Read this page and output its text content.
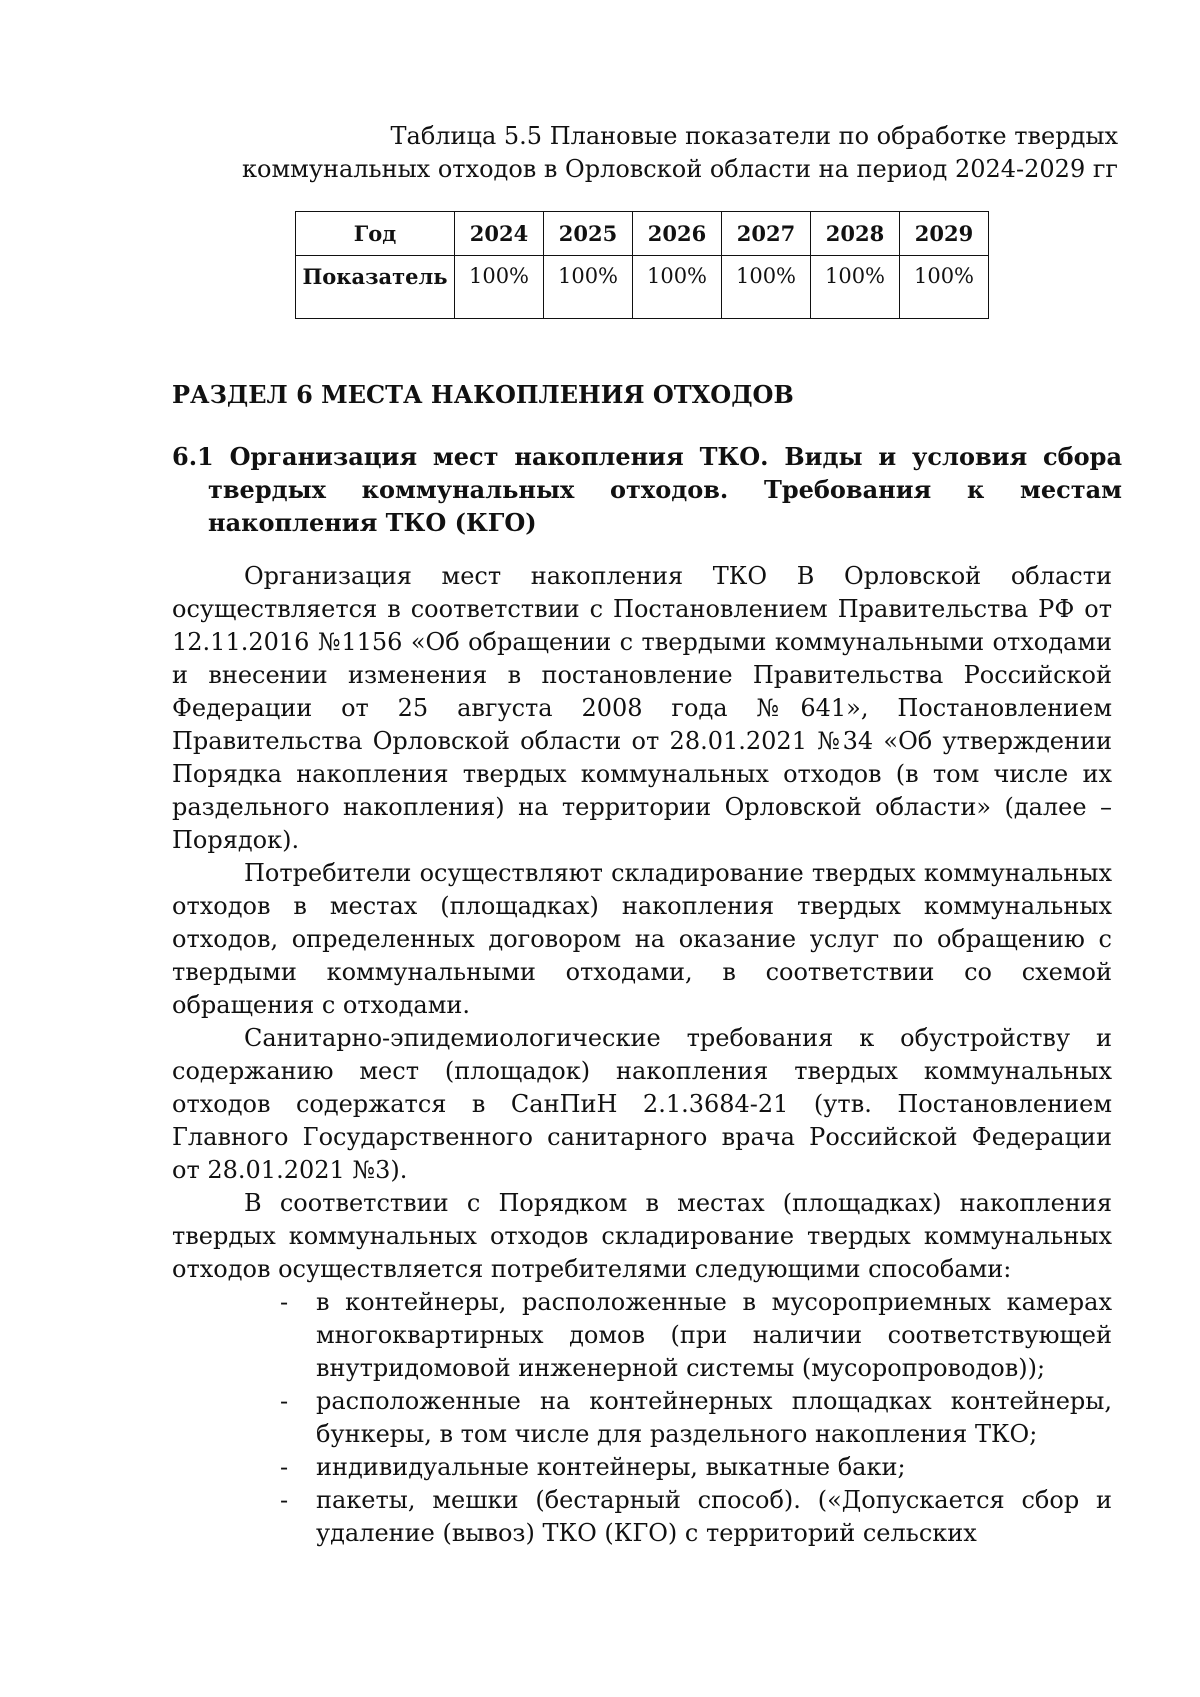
Таблица 5.5 Плановые показатели по обработке твердых
коммунальных отходов в Орловской области на период 2024-2029 гг
Год	2024	2025	2026	2027	2028	2029
Показатель	100%	100%	100%	100%	100%	100%
РАЗДЕЛ 6 МЕСТА НАКОПЛЕНИЯ ОТХОДОВ
6.1 Организация мест накопления ТКО. Виды и условия сбора твердых коммунальных отходов. Требования к местам накопления ТКО (КГО)

Организация мест накопления ТКО В Орловской области осуществляется в соответствии с Постановлением Правительства РФ от 12.11.2016 №1156 «Об обращении с твердыми коммунальными отходами и внесении изменения в постановление Правительства Российской Федерации от 25 августа 2008 года №641», Постановлением Правительства Орловской области от 28.01.2021 №34 «Об утверждении Порядка накопления твердых коммунальных отходов (в том числе их раздельного накопления) на территории Орловской области» (далее – Порядок).

Потребители осуществляют складирование твердых коммунальных отходов в местах (площадках) накопления твердых коммунальных отходов, определенных договором на оказание услуг по обращению с твердыми коммунальными отходами, в соответствии со схемой обращения с отходами.

Санитарно-эпидемиологические требования к обустройству и содержанию мест (площадок) накопления твердых коммунальных отходов содержатся в СанПиН 2.1.3684-21 (утв. Постановлением Главного Государственного санитарного врача Российской Федерации от 28.01.2021 №3).

В соответствии с Порядком в местах (площадках) накопления твердых коммунальных отходов складирование твердых коммунальных отходов осуществляется потребителями следующими способами:

- в контейнеры, расположенные в мусороприемных камерах многоквартирных домов (при наличии соответствующей внутридомовой инженерной системы (мусоропроводов));
- расположенные на контейнерных площадках контейнеры, бункеры, в том числе для раздельного накопления ТКО;
- индивидуальные контейнеры, выкатные баки;
- пакеты, мешки (бестарный способ). («Допускается сбор и удаление (вывоз) ТКО (КГО) с территорий сельских
